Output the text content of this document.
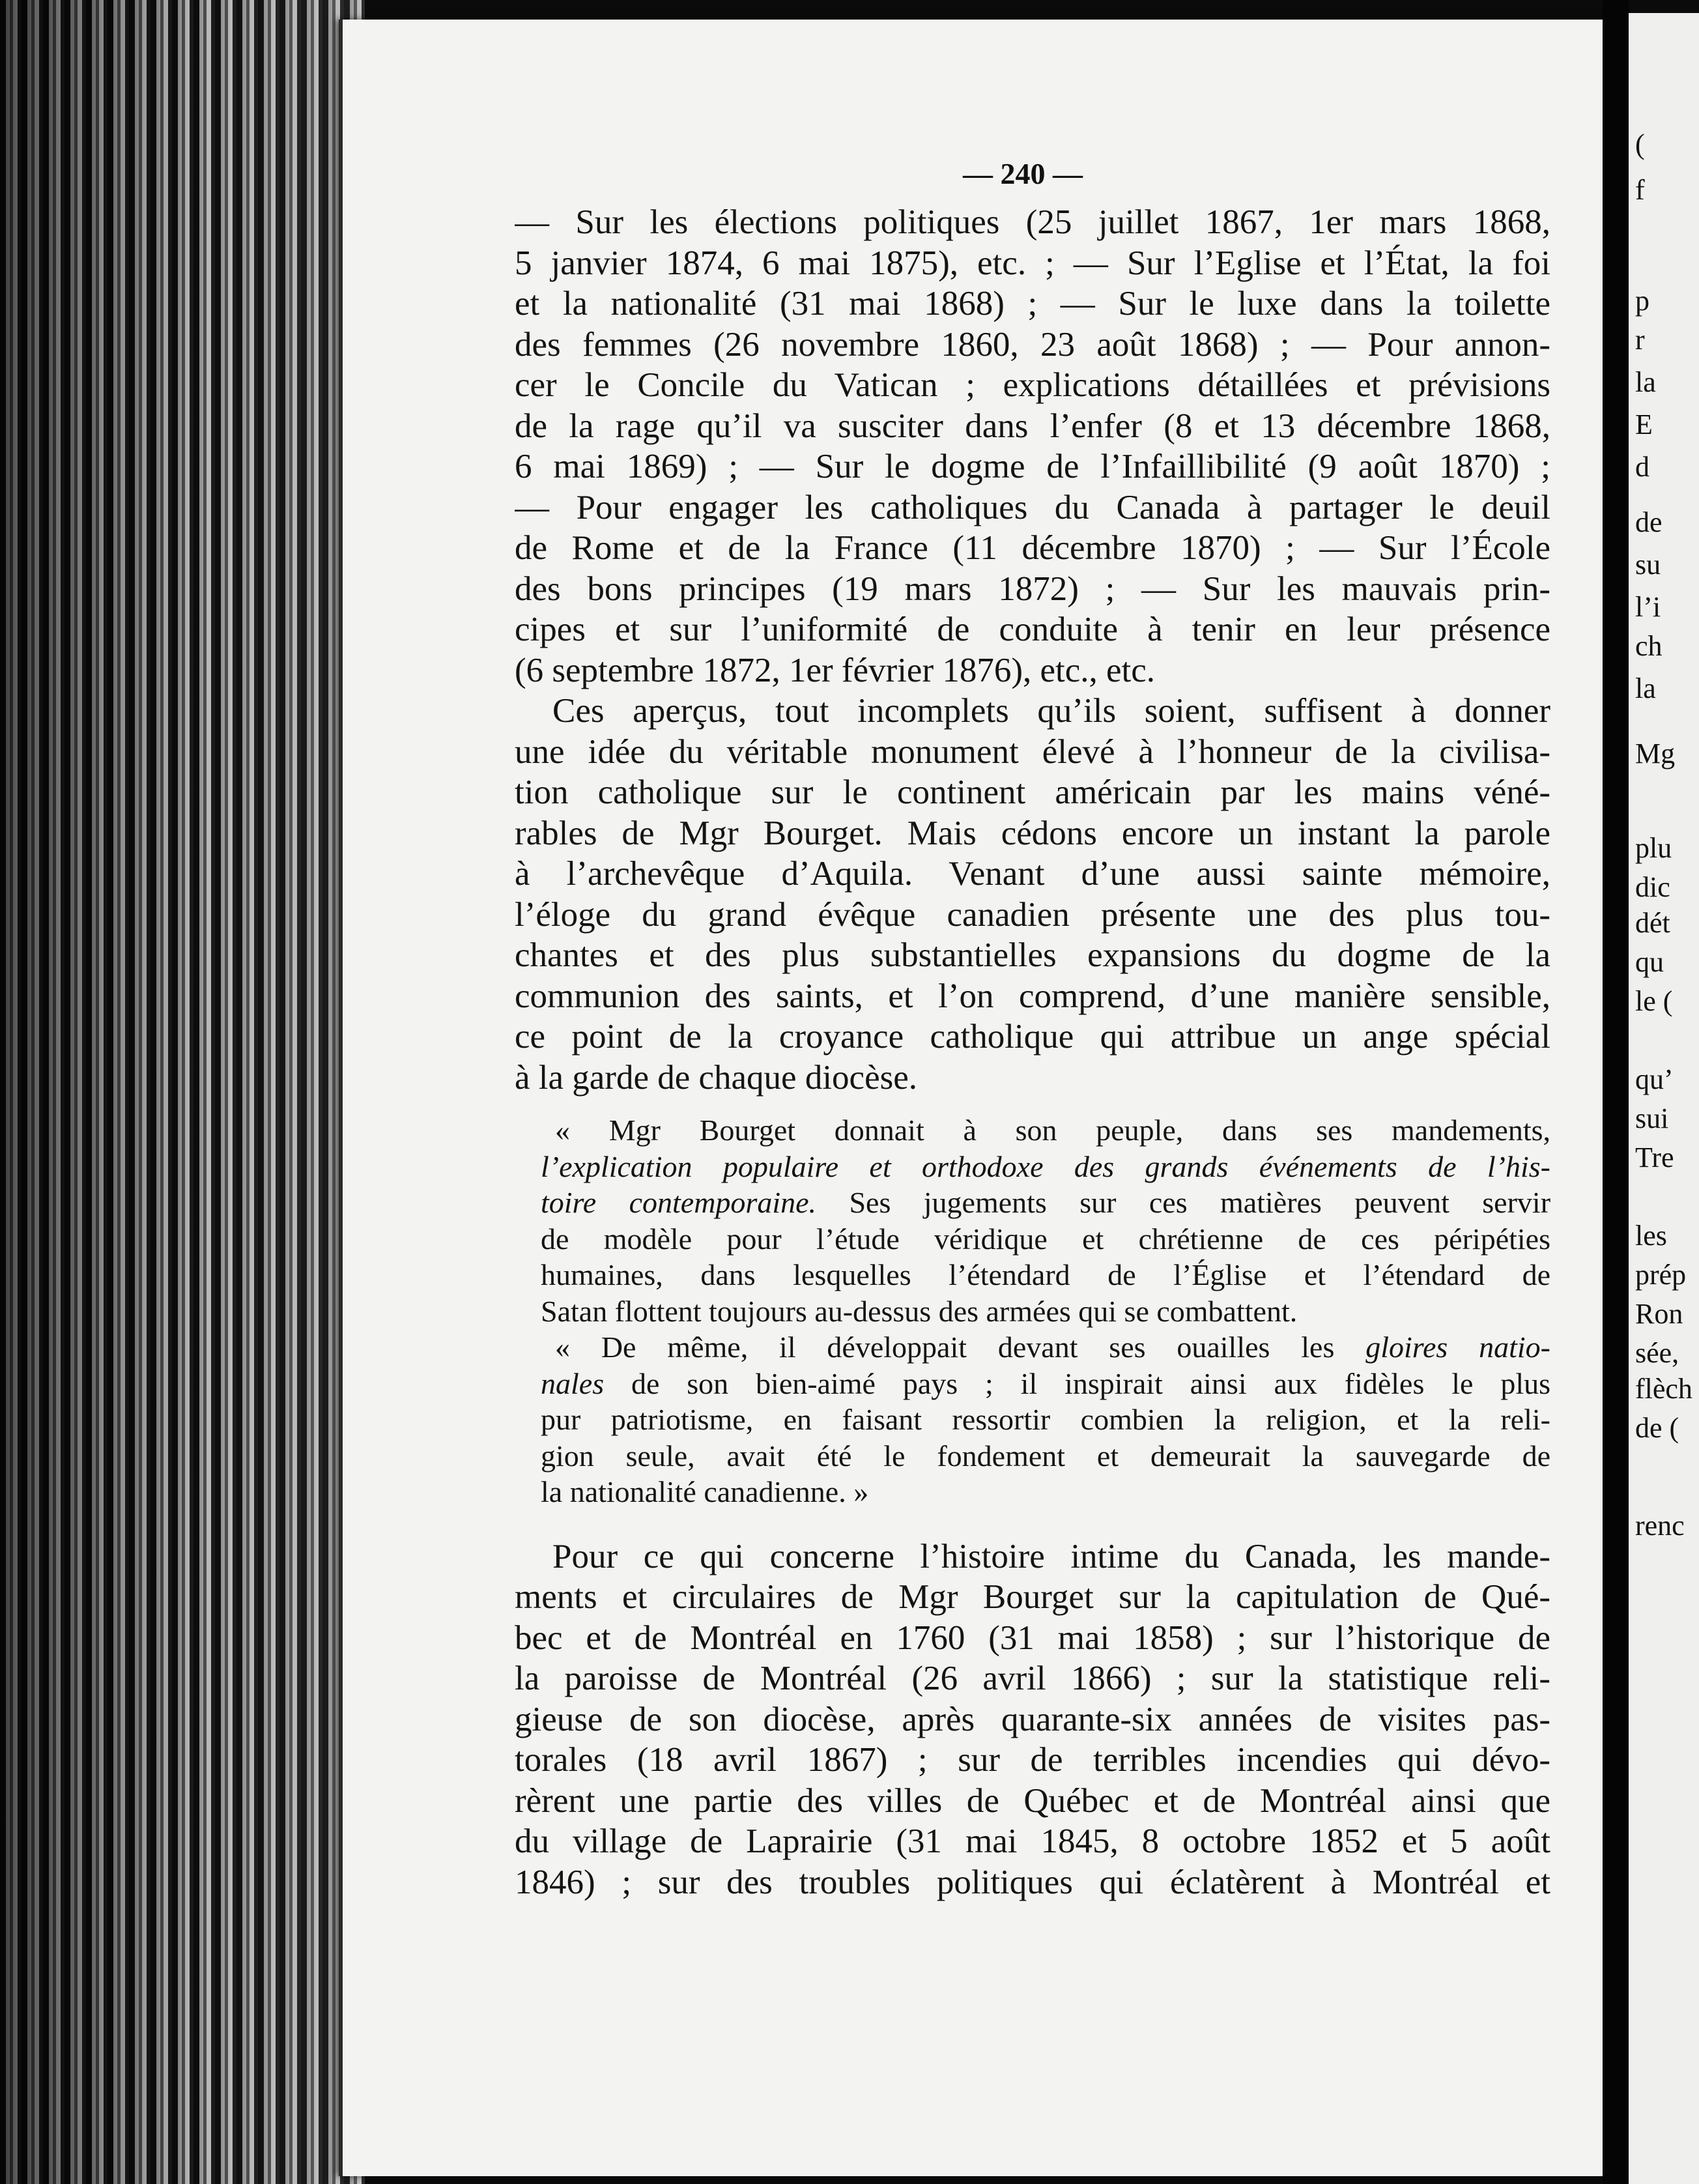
(
f
p
r
la
E
d
de
su
l’i
ch
la
Mg
plu
dic
dét
qu
le (
qu’
sui
Tre
les
prép
Ron
sée,
flèch
de (
renc
— 240 —
— Sur les élections politiques (25 juillet 1867, 1er mars 1868,
5 janvier 1874, 6 mai 1875), etc. ; — Sur l’Eglise et l’État, la foi
et la nationalité (31 mai 1868) ; — Sur le luxe dans la toilette
des femmes (26 novembre 1860, 23 août 1868) ; — Pour annon-
cer le Concile du Vatican ; explications détaillées et prévisions
de la rage qu’il va susciter dans l’enfer (8 et 13 décembre 1868,
6 mai 1869) ; — Sur le dogme de l’Infaillibilité (9 août 1870) ;
— Pour engager les catholiques du Canada à partager le deuil
de Rome et de la France (11 décembre 1870) ; — Sur l’École
des bons principes (19 mars 1872) ; — Sur les mauvais prin-
cipes et sur l’uniformité de conduite à tenir en leur présence
(6 septembre 1872, 1er février 1876), etc., etc.
Ces aperçus, tout incomplets qu’ils soient, suffisent à donner
une idée du véritable monument élevé à l’honneur de la civilisa-
tion catholique sur le continent américain par les mains véné-
rables de Mgr Bourget. Mais cédons encore un instant la parole
à l’archevêque d’Aquila. Venant d’une aussi sainte mémoire,
l’éloge du grand évêque canadien présente une des plus tou-
chantes et des plus substantielles expansions du dogme de la
communion des saints, et l’on comprend, d’une manière sensible,
ce point de la croyance catholique qui attribue un ange spécial
à la garde de chaque diocèse.
« Mgr Bourget donnait à son peuple, dans ses mandements,
l’explication populaire et orthodoxe des grands événements de l’his-
toire contemporaine. Ses jugements sur ces matières peuvent servir
de modèle pour l’étude véridique et chrétienne de ces péripéties
humaines, dans lesquelles l’étendard de l’Église et l’étendard de
Satan flottent toujours au-dessus des armées qui se combattent.
« De même, il développait devant ses ouailles les gloires natio-
nales de son bien-aimé pays ; il inspirait ainsi aux fidèles le plus
pur patriotisme, en faisant ressortir combien la religion, et la reli-
gion seule, avait été le fondement et demeurait la sauvegarde de
la nationalité canadienne. »
Pour ce qui concerne l’histoire intime du Canada, les mande-
ments et circulaires de Mgr Bourget sur la capitulation de Qué-
bec et de Montréal en 1760 (31 mai 1858) ; sur l’historique de
la paroisse de Montréal (26 avril 1866) ; sur la statistique reli-
gieuse de son diocèse, après quarante-six années de visites pas-
torales (18 avril 1867) ; sur de terribles incendies qui dévo-
rèrent une partie des villes de Québec et de Montréal ainsi que
du village de Laprairie (31 mai 1845, 8 octobre 1852 et 5 août
1846) ; sur des troubles politiques qui éclatèrent à Montréal et
